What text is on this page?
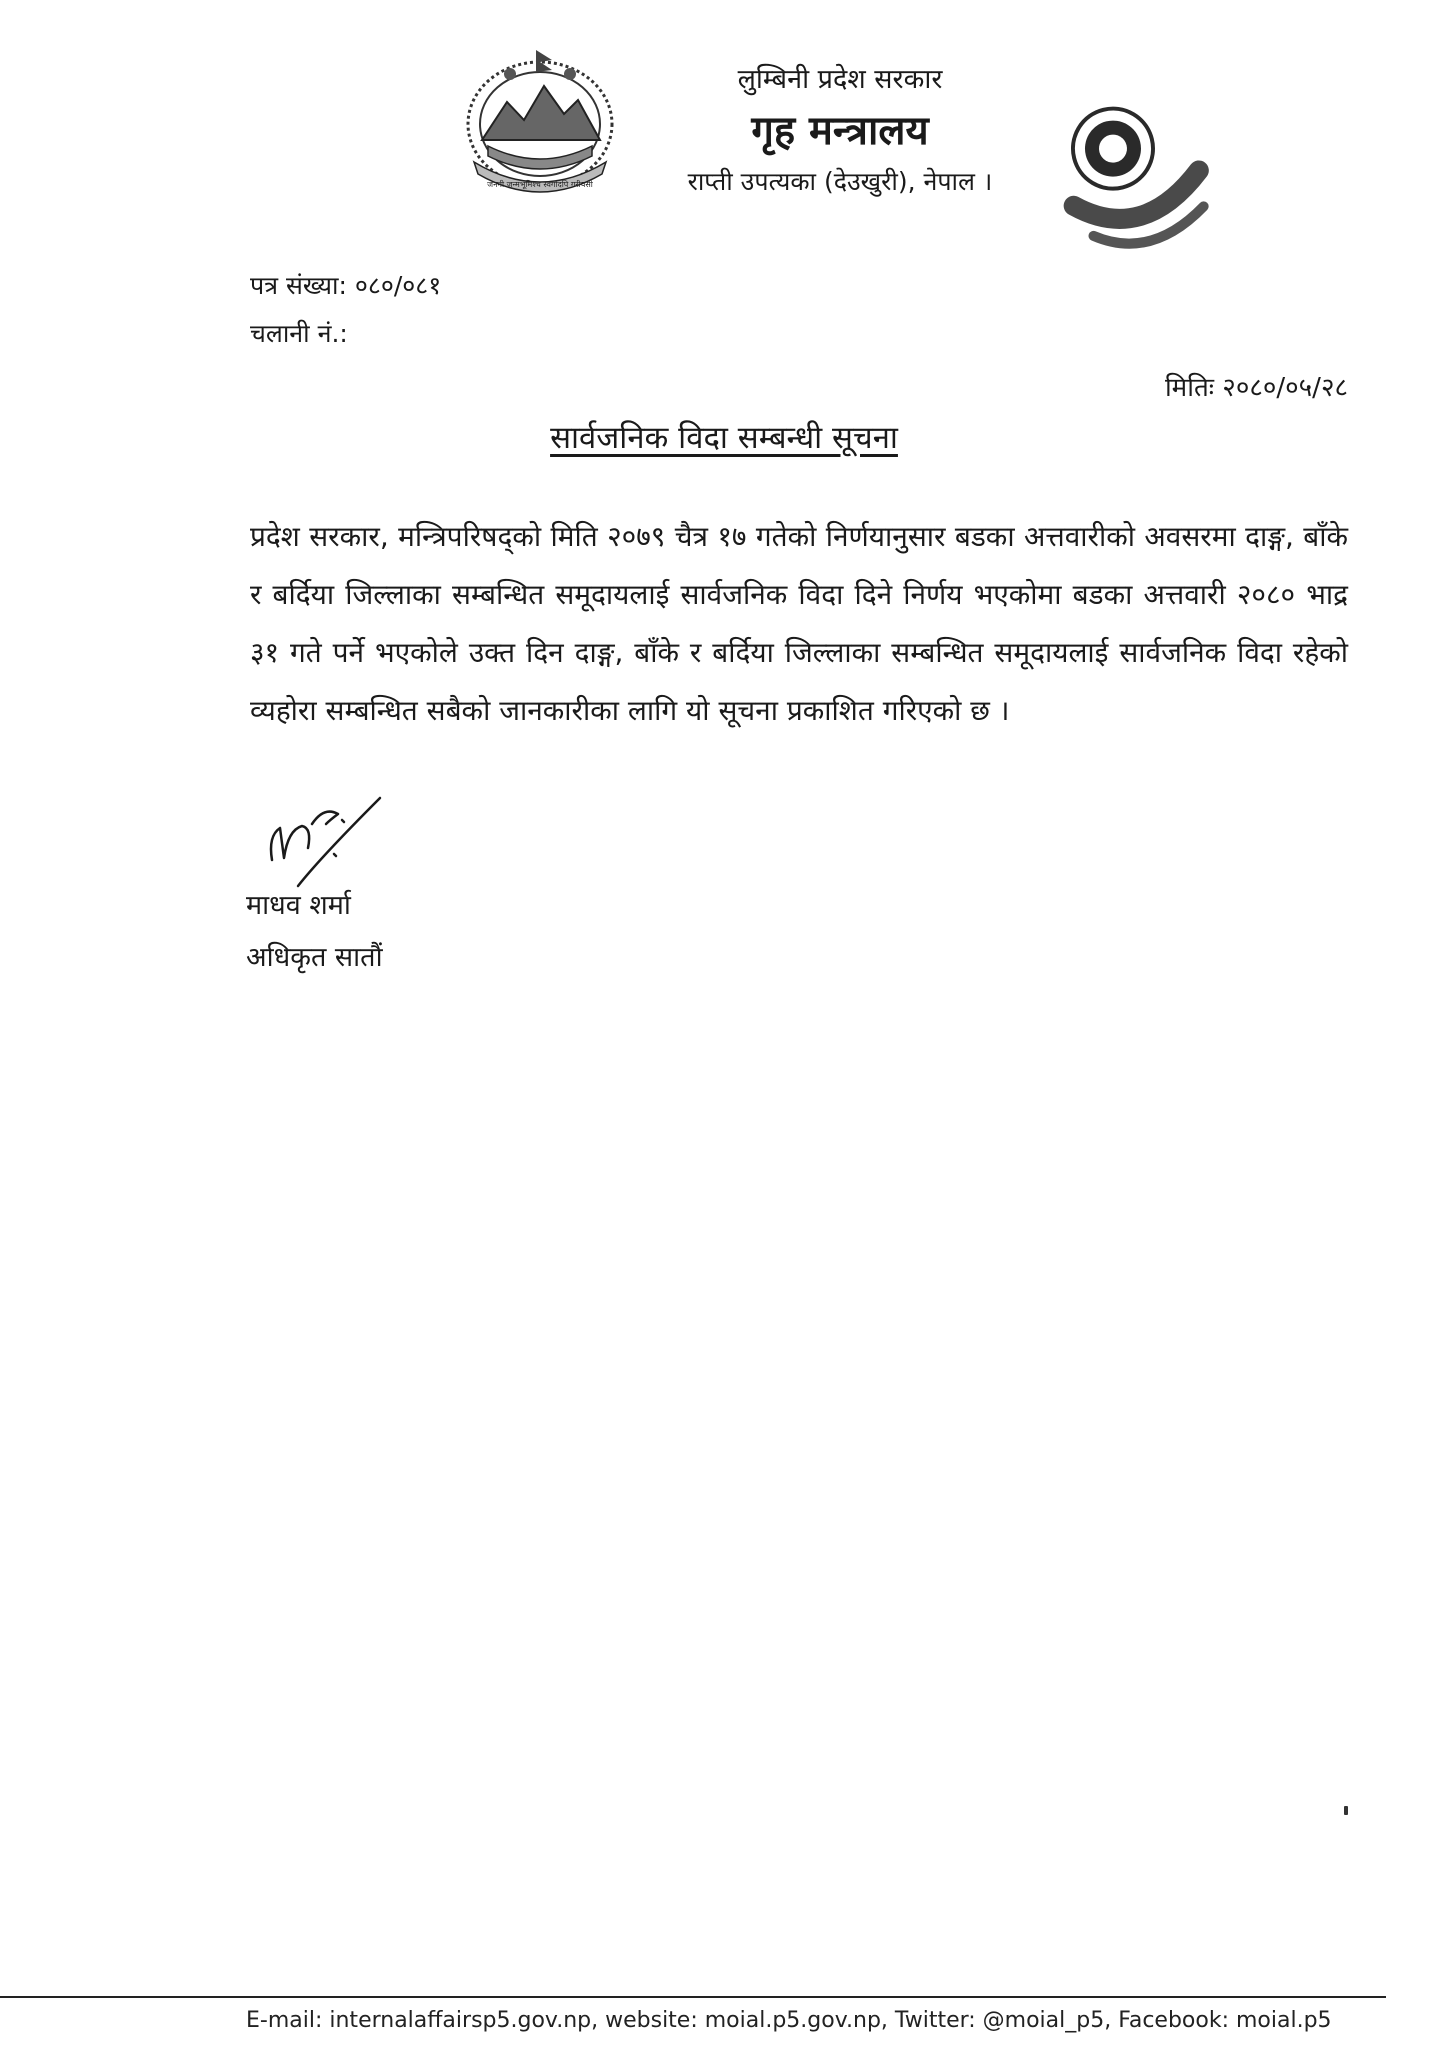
जननी जन्मभूमिश्च स्वर्गादपि गरीयसी
लुम्बिनी प्रदेश सरकार
गृह मन्त्रालय
राप्ती उपत्यका (देउखुरी), नेपाल ।
पत्र संख्या: ०८०/०८१
चलानी नं.:
मितिः २०८०/०५/२८
सार्वजनिक विदा सम्बन्धी सूचना
प्रदेश सरकार, मन्त्रिपरिषद्‍को मिति २०७९ चैत्र १७ गतेको निर्णयानुसार बडका अत्तवारीको अवसरमा दाङ्ग, बाँके र बर्दिया जिल्लाका सम्बन्धित समूदायलाई सार्वजनिक विदा दिने निर्णय भएकोमा बडका अत्तवारी २०८० भाद्र ३१ गते पर्ने भएकोले उक्त दिन दाङ्ग, बाँके र बर्दिया जिल्लाका सम्बन्धित समूदायलाई सार्वजनिक विदा रहेको व्यहोरा सम्बन्धित सबैको जानकारीका लागि यो सूचना प्रकाशित गरिएको छ ।
माधव शर्मा
अधिकृत सातौं
E-mail: internalaffairsp5.gov.np, website: moial.p5.gov.np, Twitter: @moial_p5, Facebook: moial.p5
